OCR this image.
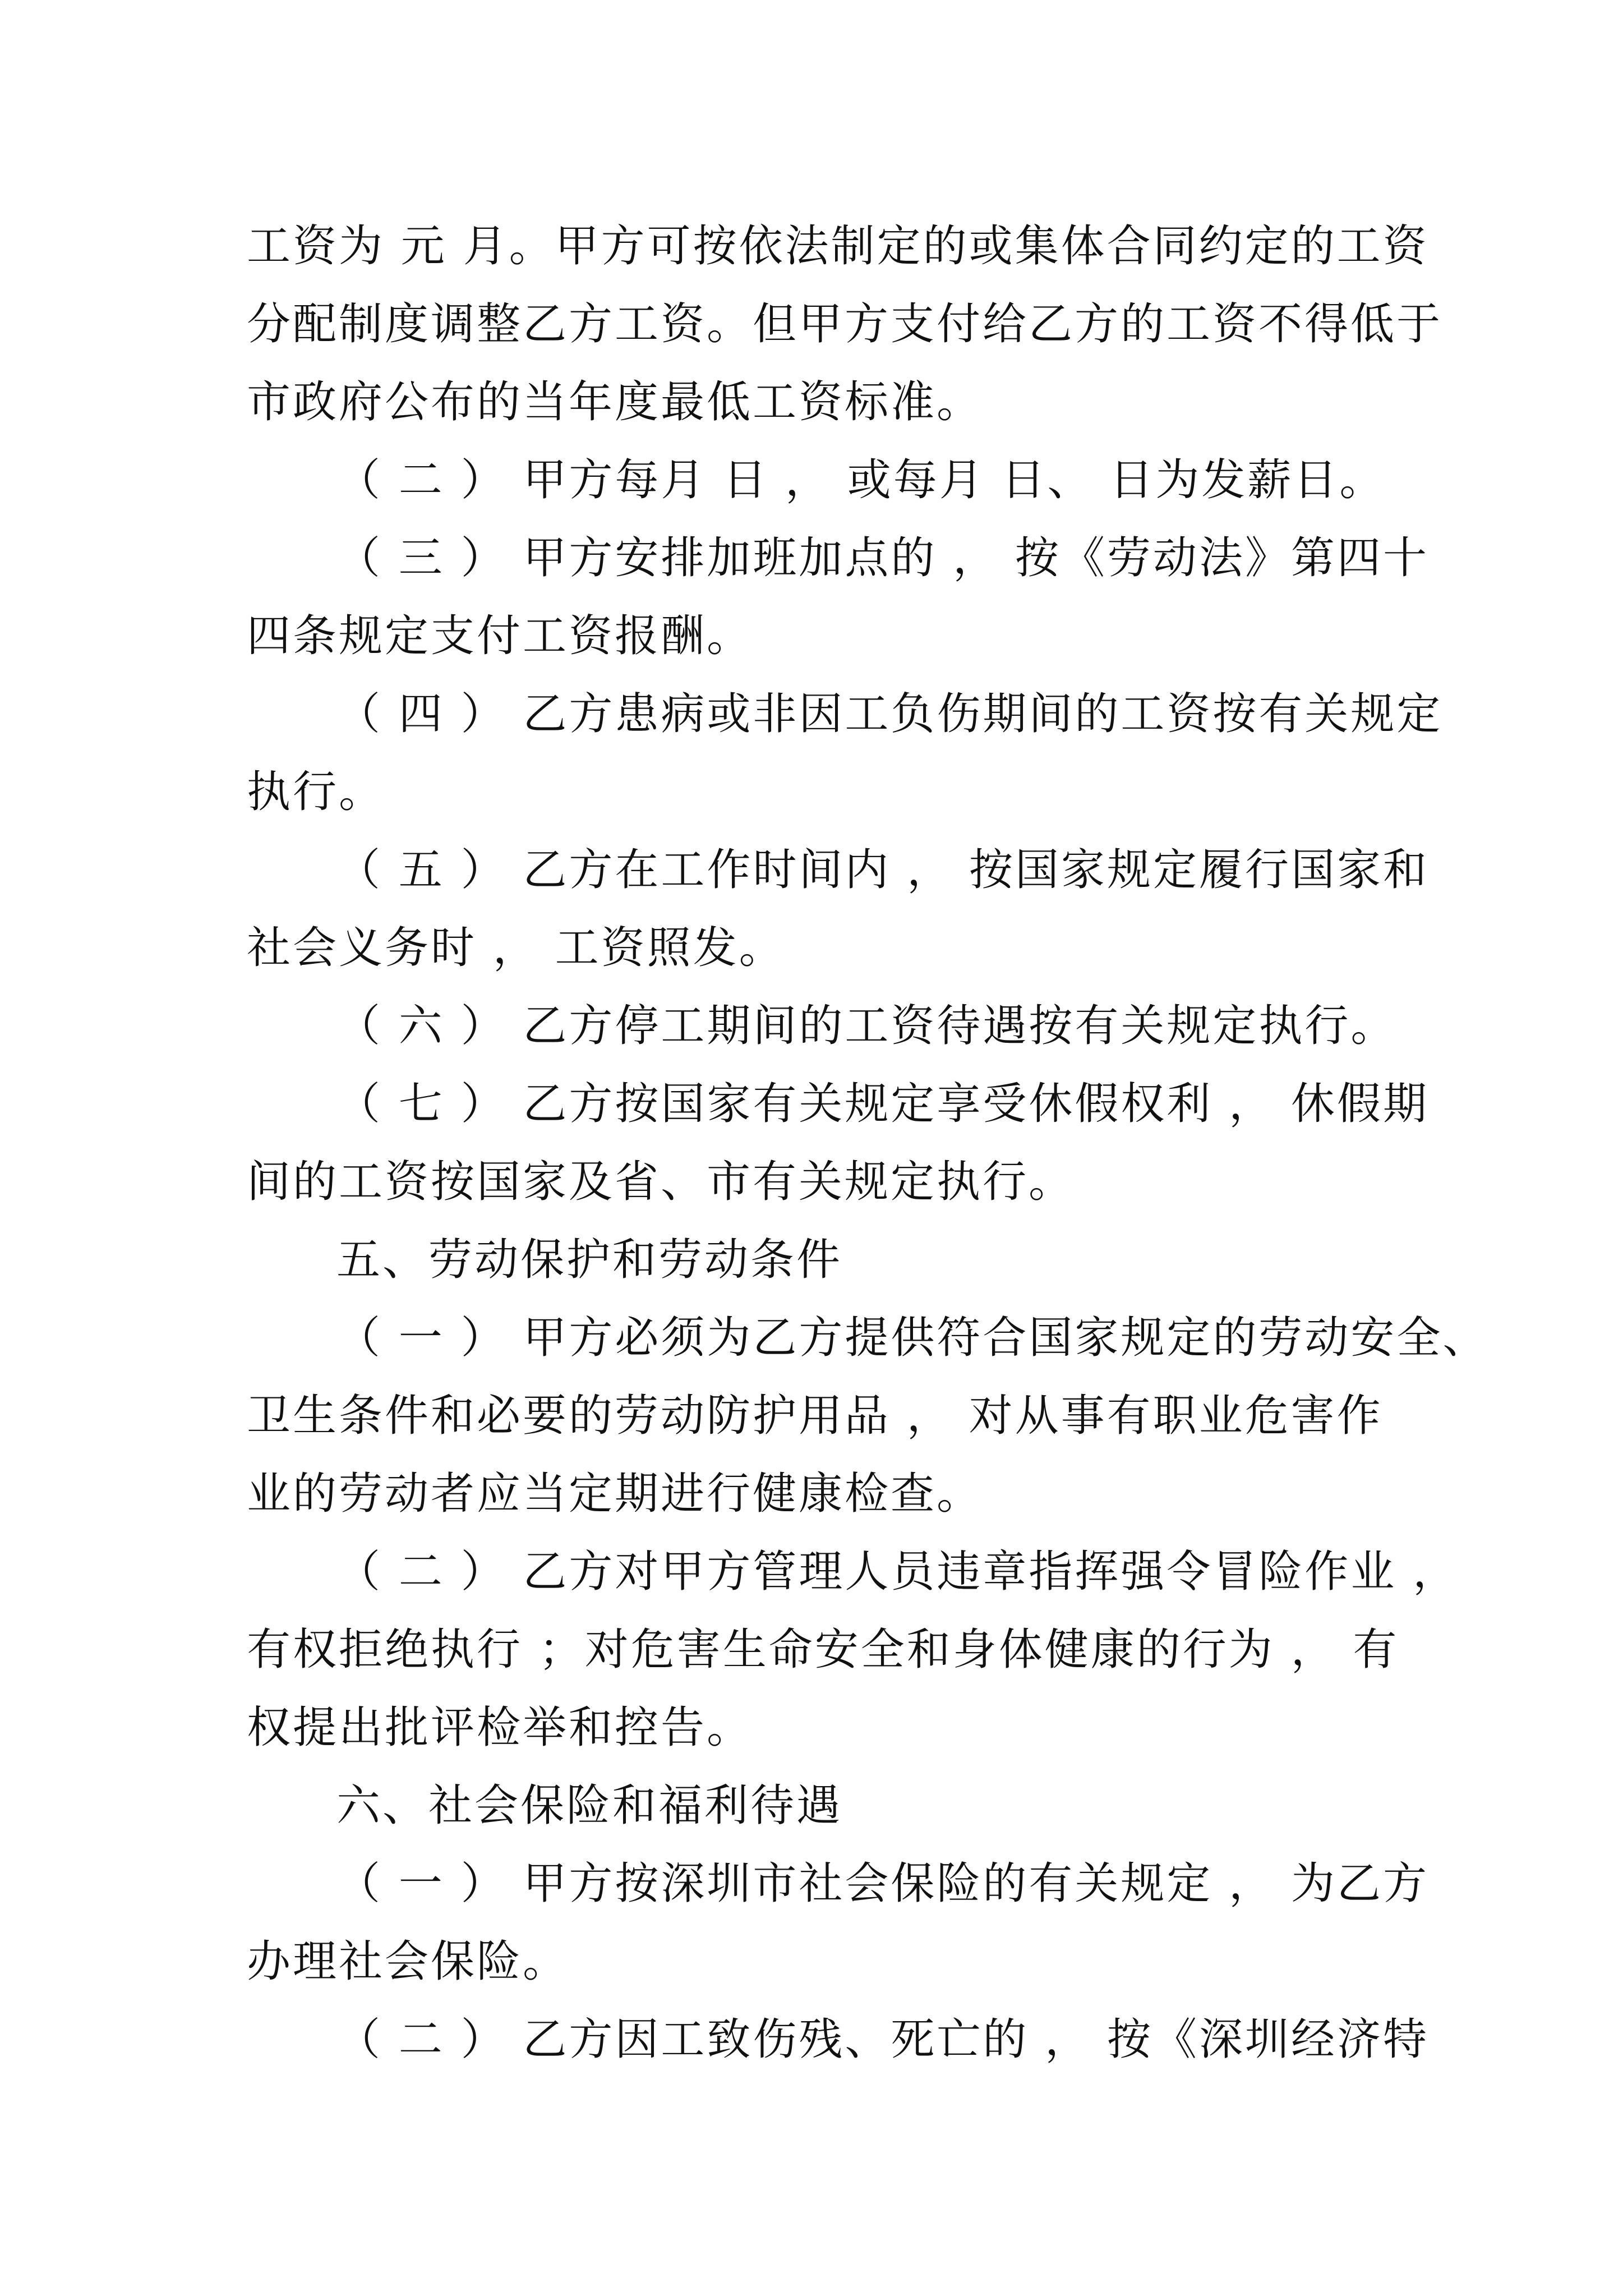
工资为 元 月。甲方可按依法制定的或集体合同约定的工资
分配制度调整乙方工资。但甲方支付给乙方的工资不得低于
市政府公布的当年度最低工资标准。
（ 二 ） 甲方每月 日 ， 或每月 日、 日为发薪日。
（ 三 ） 甲方安排加班加点的 ， 按《劳动法》第四十
四条规定支付工资报酬。
（ 四 ） 乙方患病或非因工负伤期间的工资按有关规定
执行。
（ 五 ） 乙方在工作时间内 ， 按国家规定履行国家和
社会义务时 ， 工资照发。
（ 六 ） 乙方停工期间的工资待遇按有关规定执行。
（ 七 ） 乙方按国家有关规定享受休假权利 ， 休假期
间的工资按国家及省、市有关规定执行。
五、劳动保护和劳动条件
（ 一 ） 甲方必须为乙方提供符合国家规定的劳动安全、
卫生条件和必要的劳动防护用品 ， 对从事有职业危害作
业的劳动者应当定期进行健康检查。
（ 二 ） 乙方对甲方管理人员违章指挥强令冒险作业 ，
有权拒绝执行 ；对危害生命安全和身体健康的行为 ， 有
权提出批评检举和控告。
六、社会保险和福利待遇
（ 一 ） 甲方按深圳市社会保险的有关规定 ， 为乙方
办理社会保险。
（ 二 ） 乙方因工致伤残、死亡的 ， 按《深圳经济特
